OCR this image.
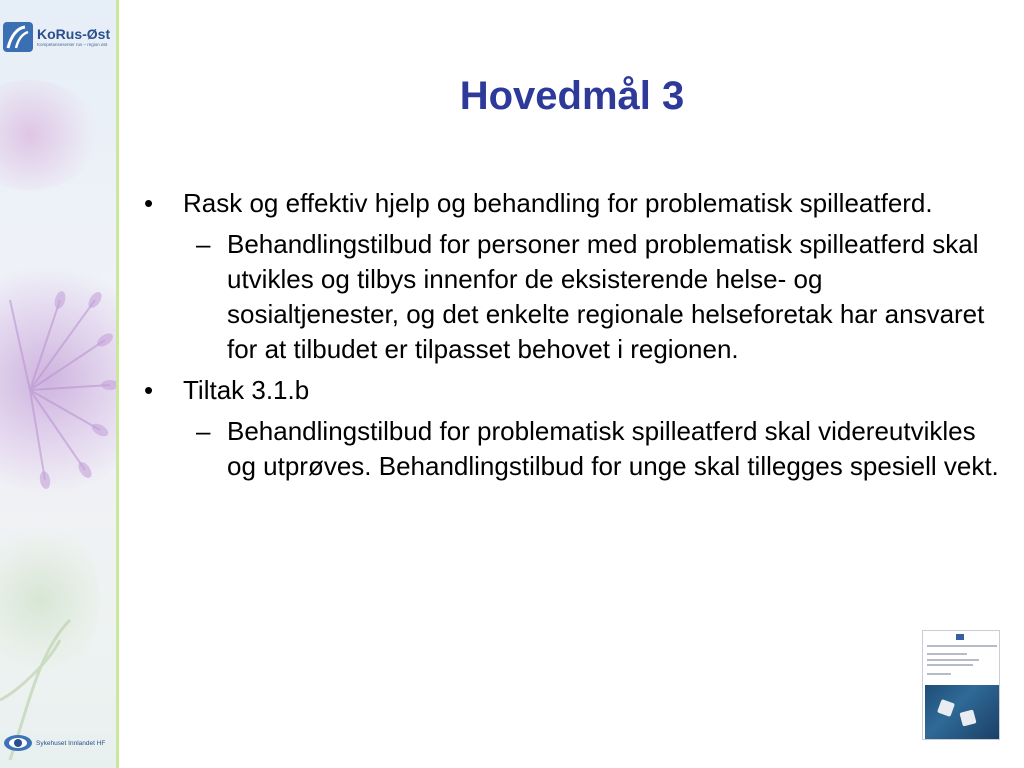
KoRus-Øst
Kompetansesenter rus – region øst
Sykehuset Innlandet HF
Hovedmål 3
• Rask og effektiv hjelp og behandling for problematisk spilleatferd.
– Behandlingstilbud for personer med problematisk spilleatferd skal utvikles og tilbys innenfor de eksisterende helse- og sosialtjenester, og det enkelte regionale helseforetak har ansvaret for at tilbudet er tilpasset behovet i regionen.
• Tiltak 3.1.b
– Behandlingstilbud for problematisk spilleatferd skal videreutvikles og utprøves. Behandlingstilbud for unge skal tillegges spesiell vekt.
